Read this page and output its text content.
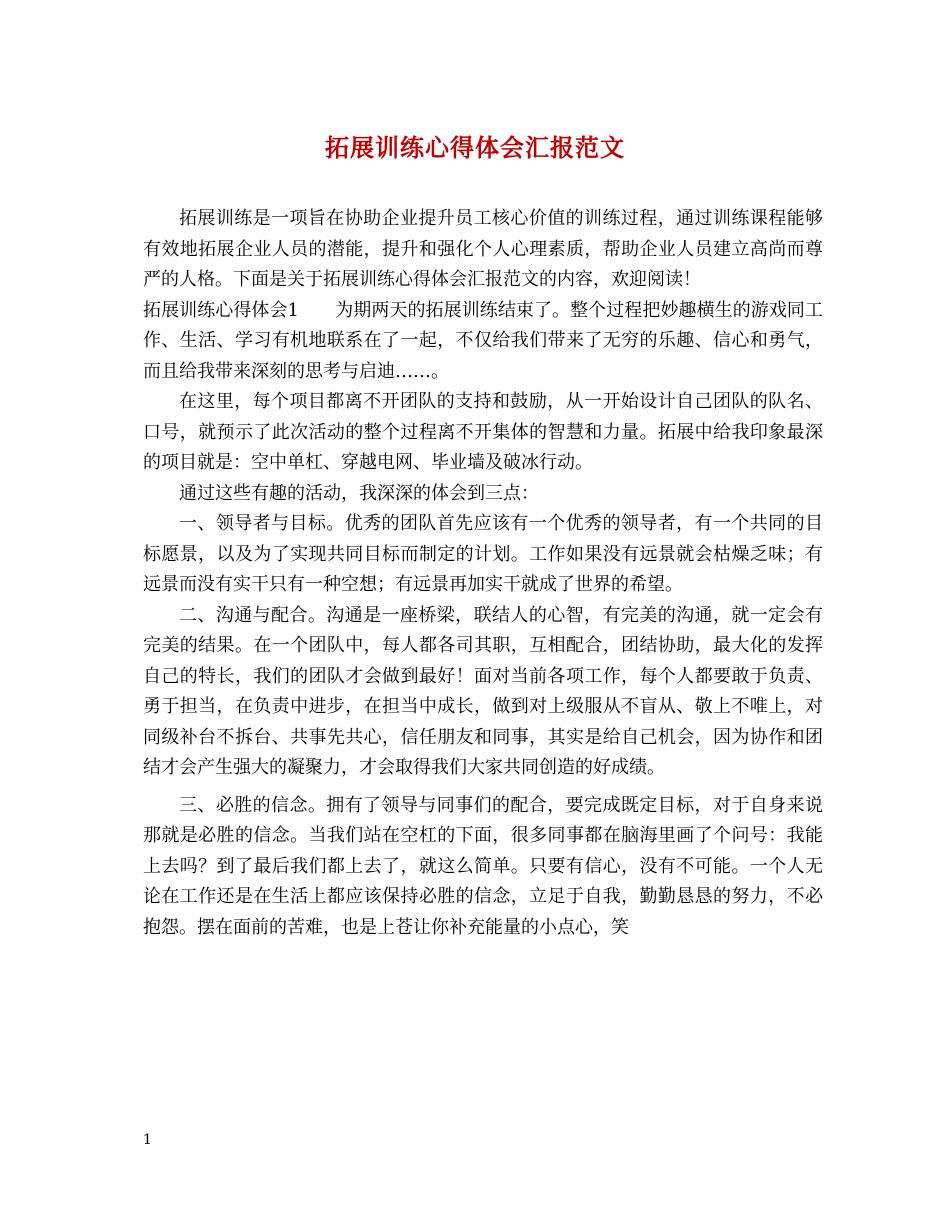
拓展训练心得体会汇报范文

拓展训练是一项旨在协助企业提升员工核心价值的训练过程，通过训练课程能够有效地拓展企业人员的潜能，提升和强化个人心理素质，帮助企业人员建立高尚而尊严的人格。下面是关于拓展训练心得体会汇报范文的内容，欢迎阅读！

拓展训练心得体会1　　为期两天的拓展训练结束了。整个过程把妙趣横生的游戏同工作、生活、学习有机地联系在了一起，不仅给我们带来了无穷的乐趣、信心和勇气，而且给我带来深刻的思考与启迪……。

在这里，每个项目都离不开团队的支持和鼓励，从一开始设计自己团队的队名、口号，就预示了此次活动的整个过程离不开集体的智慧和力量。拓展中给我印象最深的项目就是：空中单杠、穿越电网、毕业墙及破冰行动。

通过这些有趣的活动，我深深的体会到三点：

一、领导者与目标。优秀的团队首先应该有一个优秀的领导者，有一个共同的目标愿景，以及为了实现共同目标而制定的计划。工作如果没有远景就会枯燥乏味；有远景而没有实干只有一种空想；有远景再加实干就成了世界的希望。

二、沟通与配合。沟通是一座桥梁，联结人的心智，有完美的沟通，就一定会有完美的结果。在一个团队中，每人都各司其职，互相配合，团结协助，最大化的发挥自己的特长，我们的团队才会做到最好！面对当前各项工作，每个人都要敢于负责、勇于担当，在负责中进步，在担当中成长，做到对上级服从不盲从、敬上不唯上，对同级补台不拆台、共事先共心，信任朋友和同事，其实是给自己机会，因为协作和团结才会产生强大的凝聚力，才会取得我们大家共同创造的好成绩。

三、必胜的信念。拥有了领导与同事们的配合，要完成既定目标，对于自身来说那就是必胜的信念。当我们站在空杠的下面，很多同事都在脑海里画了个问号：我能上去吗？到了最后我们都上去了，就这么简单。只要有信心，没有不可能。一个人无论在工作还是在生活上都应该保持必胜的信念，立足于自我，勤勤恳恳的努力，不必抱怨。摆在面前的苦难，也是上苍让你补充能量的小点心，笑

1
